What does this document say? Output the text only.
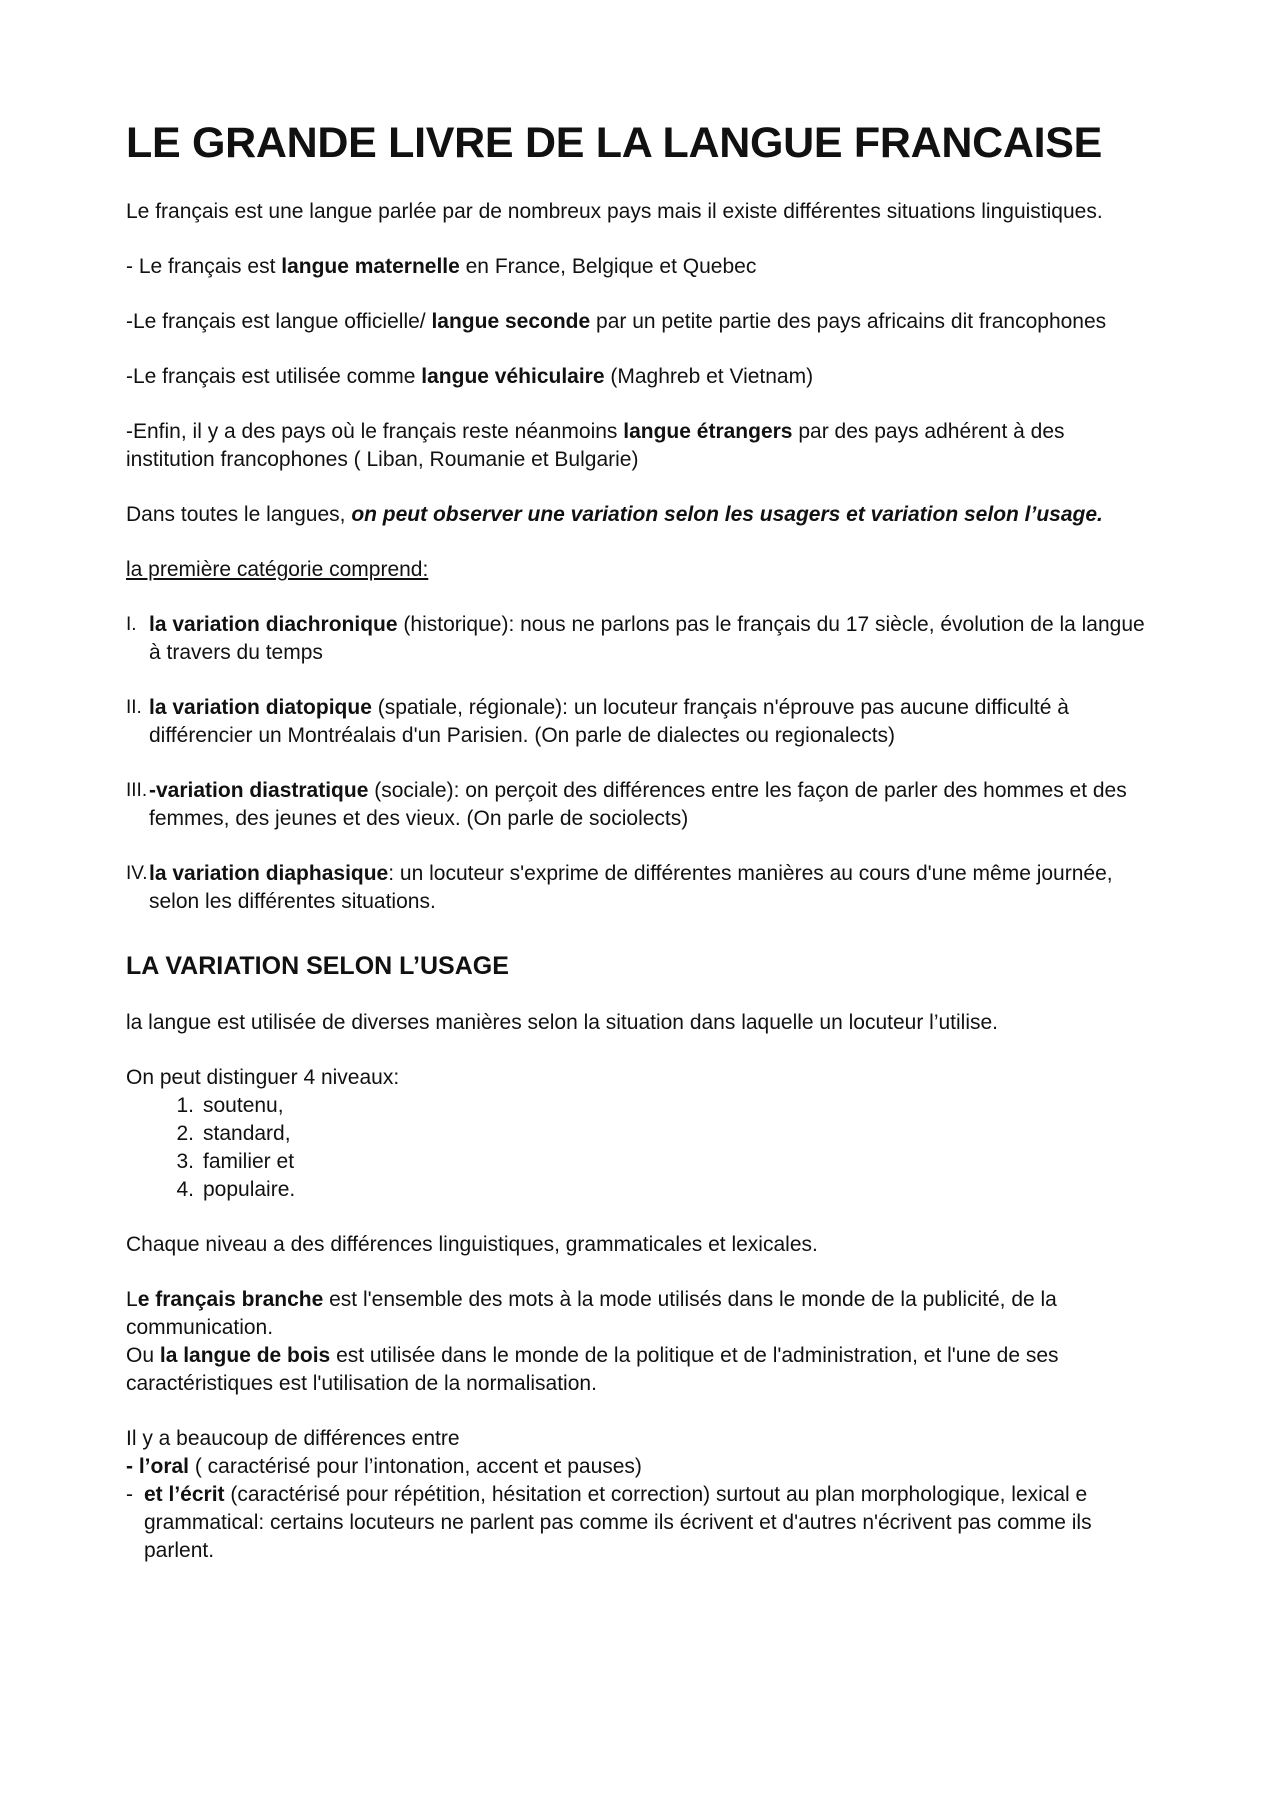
LE GRANDE LIVRE DE LA LANGUE FRANCAISE

Le français est une langue parlée par de nombreux pays mais il existe différentes situations linguistiques.

- Le français est langue maternelle en France, Belgique et Quebec

-Le français est langue officielle/ langue seconde par un petite partie des pays africains dit francophones

-Le français est utilisée comme langue véhiculaire (Maghreb et Vietnam)

-Enfin, il y a des pays où le français reste néanmoins langue étrangers par des pays adhérent à des institution francophones ( Liban, Roumanie et Bulgarie)

Dans toutes le langues, on peut observer une variation selon les usagers et variation selon l’usage.

la première catégorie comprend:

I. la variation diachronique (historique): nous ne parlons pas le français du 17 siècle, évolution de la langue à travers du temps
II. la variation diatopique (spatiale, régionale): un locuteur français n'éprouve pas aucune difficulté à différencier un Montréalais d'un Parisien. (On parle de dialectes ou regionalects)
III. -variation diastratique (sociale): on perçoit des différences entre les façon de parler des hommes et des femmes, des jeunes et des vieux. (On parle de sociolects)
IV. la variation diaphasique: un locuteur s'exprime de différentes manières au cours d'une même journée, selon les différentes situations.
LA VARIATION SELON L’USAGE

la langue est utilisée de diverses manières selon la situation dans laquelle un locuteur l’utilise.

On peut distinguer 4 niveaux:
1. soutenu,
2. standard,
3. familier et
4. populaire.

Chaque niveau a des différences linguistiques, grammaticales et lexicales.

Le français branche est l'ensemble des mots à la mode utilisés dans le monde de la publicité, de la communication.
Ou la langue de bois est utilisée dans le monde de la politique et de l'administration, et l'une de ses caractéristiques est l'utilisation de la normalisation.
Il y a beaucoup de différences entre
- l’oral ( caractérisé pour l’intonation, accent et pauses)
- et l’écrit (caractérisé pour répétition, hésitation et correction) surtout au plan morphologique, lexical e grammatical: certains locuteurs ne parlent pas comme ils écrivent et d'autres n'écrivent pas comme ils parlent.
